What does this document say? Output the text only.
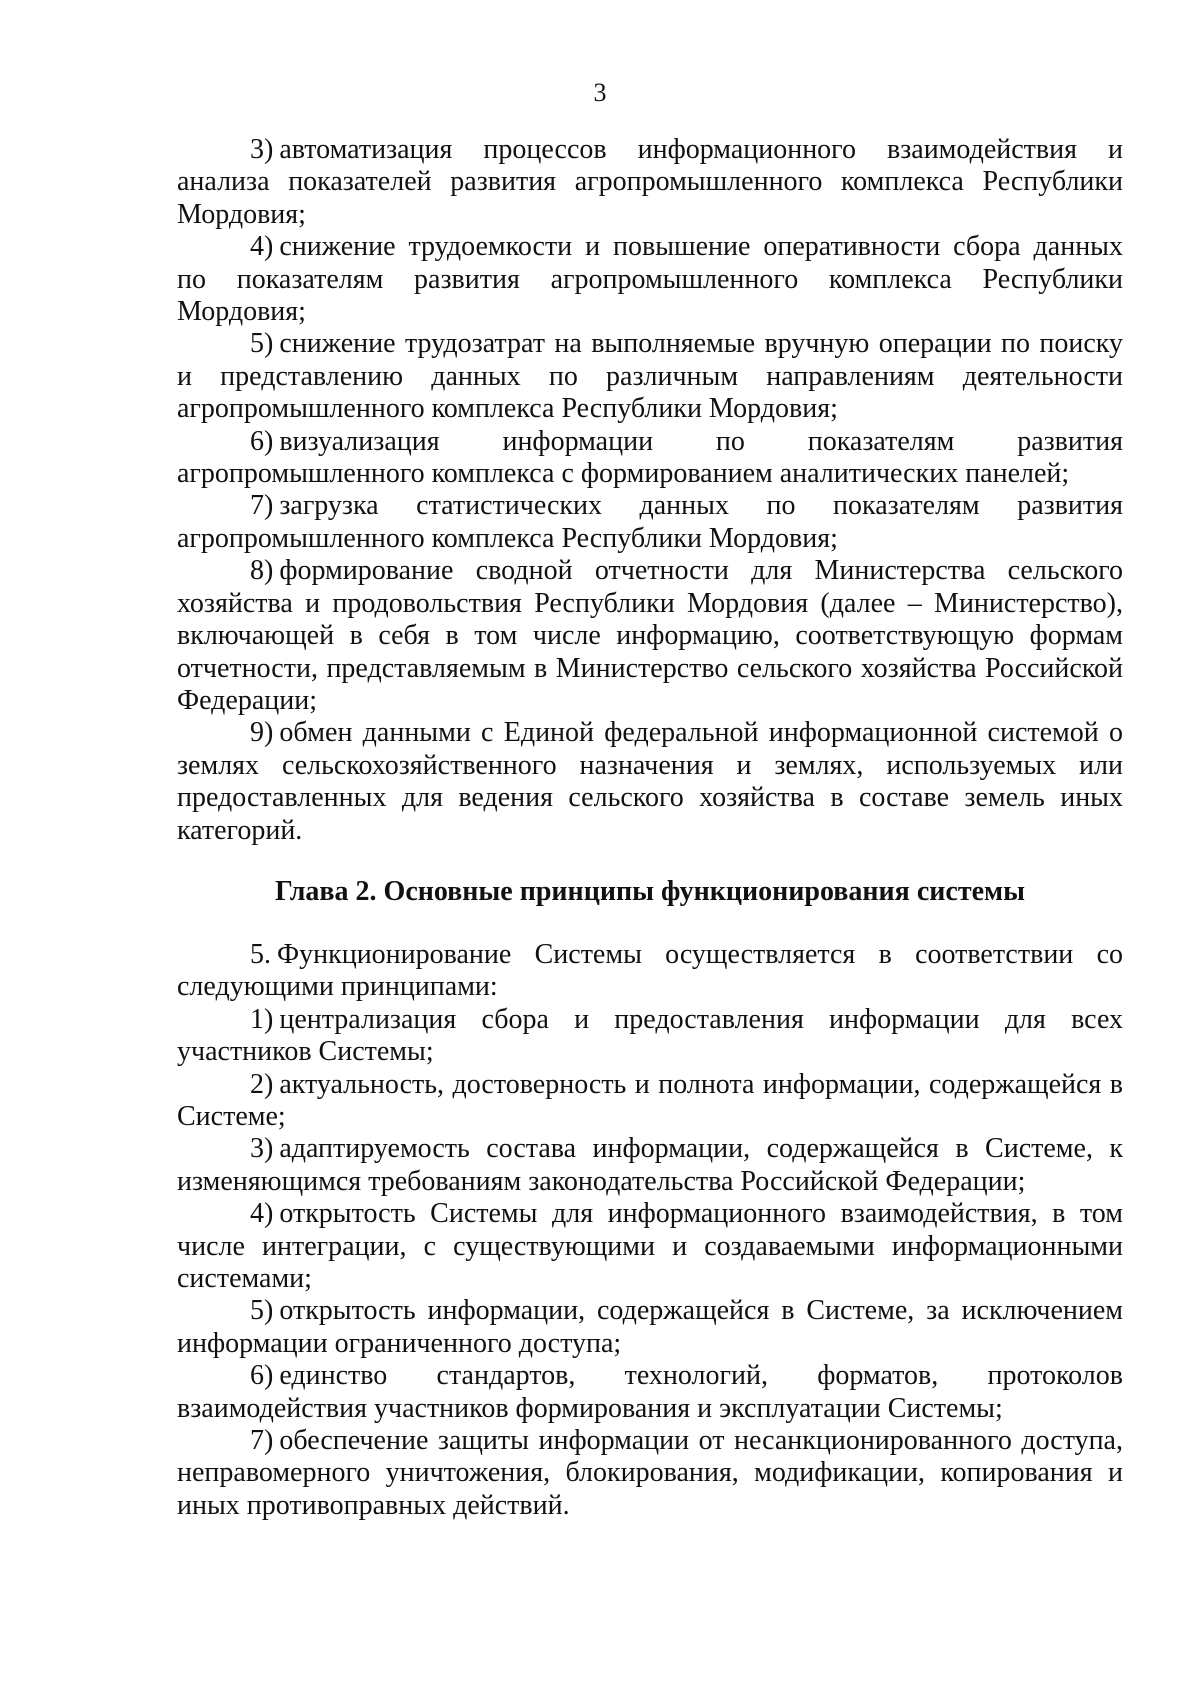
3

3) автоматизация процессов информационного взаимодействия и анализа показателей развития агропромышленного комплекса Республики Мордовия;

4) снижение трудоемкости и повышение оперативности сбора данных по показателям развития агропромышленного комплекса Республики Мордовия;

5) снижение трудозатрат на выполняемые вручную операции по поиску и представлению данных по различным направлениям деятельности агропромышленного комплекса Республики Мордовия;

6) визуализация информации по показателям развития агропромышленного комплекса с формированием аналитических панелей;

7) загрузка статистических данных по показателям развития агропромышленного комплекса Республики Мордовия;

8) формирование сводной отчетности для Министерства сельского хозяйства и продовольствия Республики Мордовия (далее – Министерство), включающей в себя в том числе информацию, соответствующую формам отчетности, представляемым в Министерство сельского хозяйства Российской Федерации;

9) обмен данными с Единой федеральной информационной системой о землях сельскохозяйственного назначения и землях, используемых или предоставленных для ведения сельского хозяйства в составе земель иных категорий.

Глава 2. Основные принципы функционирования системы

5. Функционирование Системы осуществляется в соответствии со следующими принципами:

1) централизация сбора и предоставления информации для всех участников Системы;

2) актуальность, достоверность и полнота информации, содержащейся в Системе;

3) адаптируемость состава информации, содержащейся в Системе, к изменяющимся требованиям законодательства Российской Федерации;

4) открытость Системы для информационного взаимодействия, в том числе интеграции, с существующими и создаваемыми информационными системами;

5) открытость информации, содержащейся в Системе, за исключением информации ограниченного доступа;

6) единство стандартов, технологий, форматов, протоколов взаимодействия участников формирования и эксплуатации Системы;

7) обеспечение защиты информации от несанкционированного доступа, неправомерного уничтожения, блокирования, модификации, копирования и иных противоправных действий.
